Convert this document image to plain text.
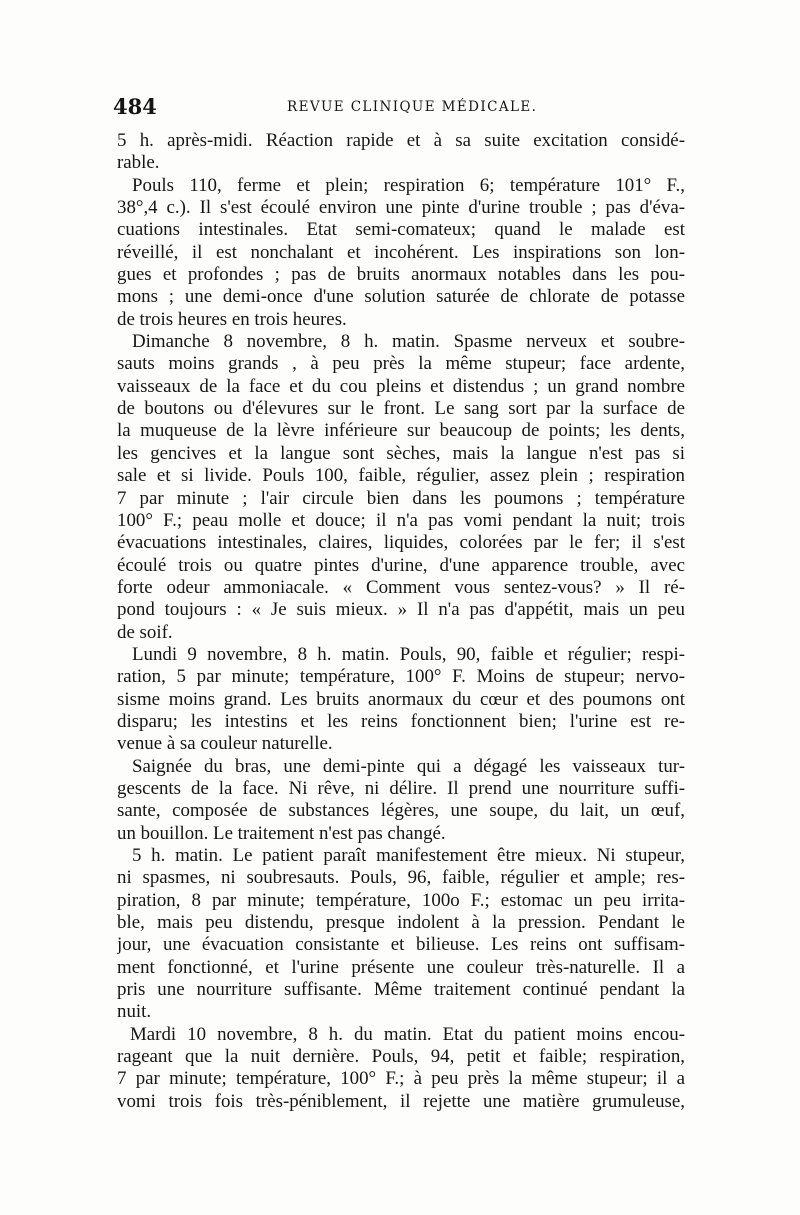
484	REVUE CLINIQUE MÉDICALE.
5 h. après-midi. Réaction rapide et à sa suite excitation considé-
rable.
Pouls 110, ferme et plein; respiration 6; température 101° F.,
38°,4 c.). Il s'est écoulé environ une pinte d'urine trouble ; pas d'éva-
cuations intestinales. Etat semi-comateux; quand le malade est
réveillé, il est nonchalant et incohérent. Les inspirations son lon-
gues et profondes ; pas de bruits anormaux notables dans les pou-
mons ; une demi-once d'une solution saturée de chlorate de potasse
de trois heures en trois heures.
Dimanche 8 novembre, 8 h. matin. Spasme nerveux et soubre-
sauts moins grands , à peu près la même stupeur; face ardente,
vaisseaux de la face et du cou pleins et distendus ; un grand nombre
de boutons ou d'élevures sur le front. Le sang sort par la surface de
la muqueuse de la lèvre inférieure sur beaucoup de points; les dents,
les gencives et la langue sont sèches, mais la langue n'est pas si
sale et si livide. Pouls 100, faible, régulier, assez plein ; respiration
7 par minute ; l'air circule bien dans les poumons ; température
100° F.; peau molle et douce; il n'a pas vomi pendant la nuit; trois
évacuations intestinales, claires, liquides, colorées par le fer; il s'est
écoulé trois ou quatre pintes d'urine, d'une apparence trouble, avec
forte odeur ammoniacale. « Comment vous sentez-vous? » Il ré-
pond toujours : « Je suis mieux. » Il n'a pas d'appétit, mais un peu
de soif.
Lundi 9 novembre, 8 h. matin. Pouls, 90, faible et régulier; respi-
ration, 5 par minute; température, 100° F. Moins de stupeur; nervo-
sisme moins grand. Les bruits anormaux du cœur et des poumons ont
disparu; les intestins et les reins fonctionnent bien; l'urine est re-
venue à sa couleur naturelle.
Saignée du bras, une demi-pinte qui a dégagé les vaisseaux tur-
gescents de la face. Ni rêve, ni délire. Il prend une nourriture suffi-
sante, composée de substances légères, une soupe, du lait, un œuf,
un bouillon. Le traitement n'est pas changé.
5 h. matin. Le patient paraît manifestement être mieux. Ni stupeur,
ni spasmes, ni soubresauts. Pouls, 96, faible, régulier et ample; res-
piration, 8 par minute; température, 100o F.; estomac un peu irrita-
ble, mais peu distendu, presque indolent à la pression. Pendant le
jour, une évacuation consistante et bilieuse. Les reins ont suffisam-
ment fonctionné, et l'urine présente une couleur très-naturelle. Il a
pris une nourriture suffisante. Même traitement continué pendant la
nuit.
Mardi 10 novembre, 8 h. du matin. Etat du patient moins encou-
rageant que la nuit dernière. Pouls, 94, petit et faible; respiration,
7 par minute; température, 100° F.; à peu près la même stupeur; il a
vomi trois fois très-péniblement, il rejette une matière grumuleuse,
